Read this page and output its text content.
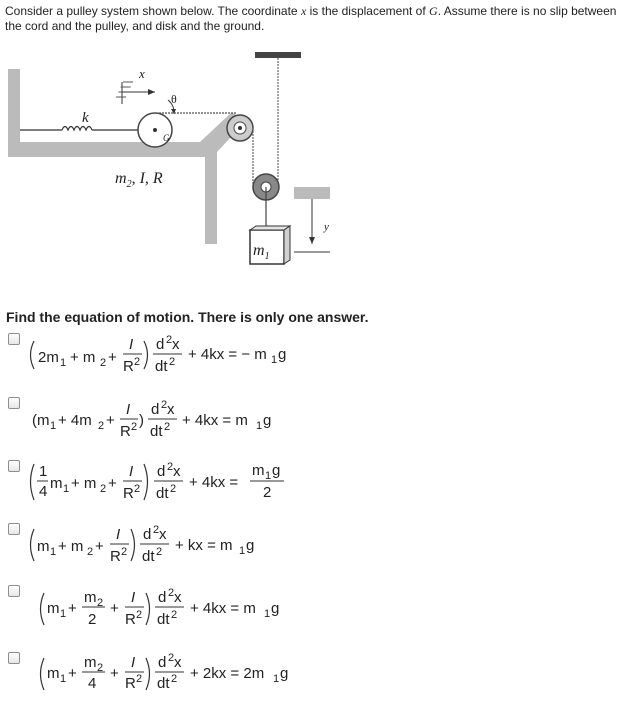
Consider a pulley system shown below. The coordinate x is the displacement of G. Assume there is no slip between the cord and the pulley, and disk and the ground.
k
x
G
θ
$m_1$
y
$m_2$, I, R
Find the equation of motion. There is only one answer.
2m 1 + m 2 +
I
R 2
d 2 x
dt 2 + 4kx = − m 1 g
(m 1 + 4m 2 +
I
R 2 )
d 2 x
dt 2 + 4kx = m 1 g
1
4 m 1 + m 2 +
I
R 2
d 2 x
dt 2 + 4kx =
m 1 g
2
m 1 + m 2 +
I
R 2
d 2 x
dt 2 + kx = m 1 g
m 1 +
m 2
2
+
I
R 2
d 2 x
dt 2 + 4kx = m 1 g
m 1 +
m 2
4
+
I
R 2
d 2 x
dt 2 + 2kx = 2m 1 g
